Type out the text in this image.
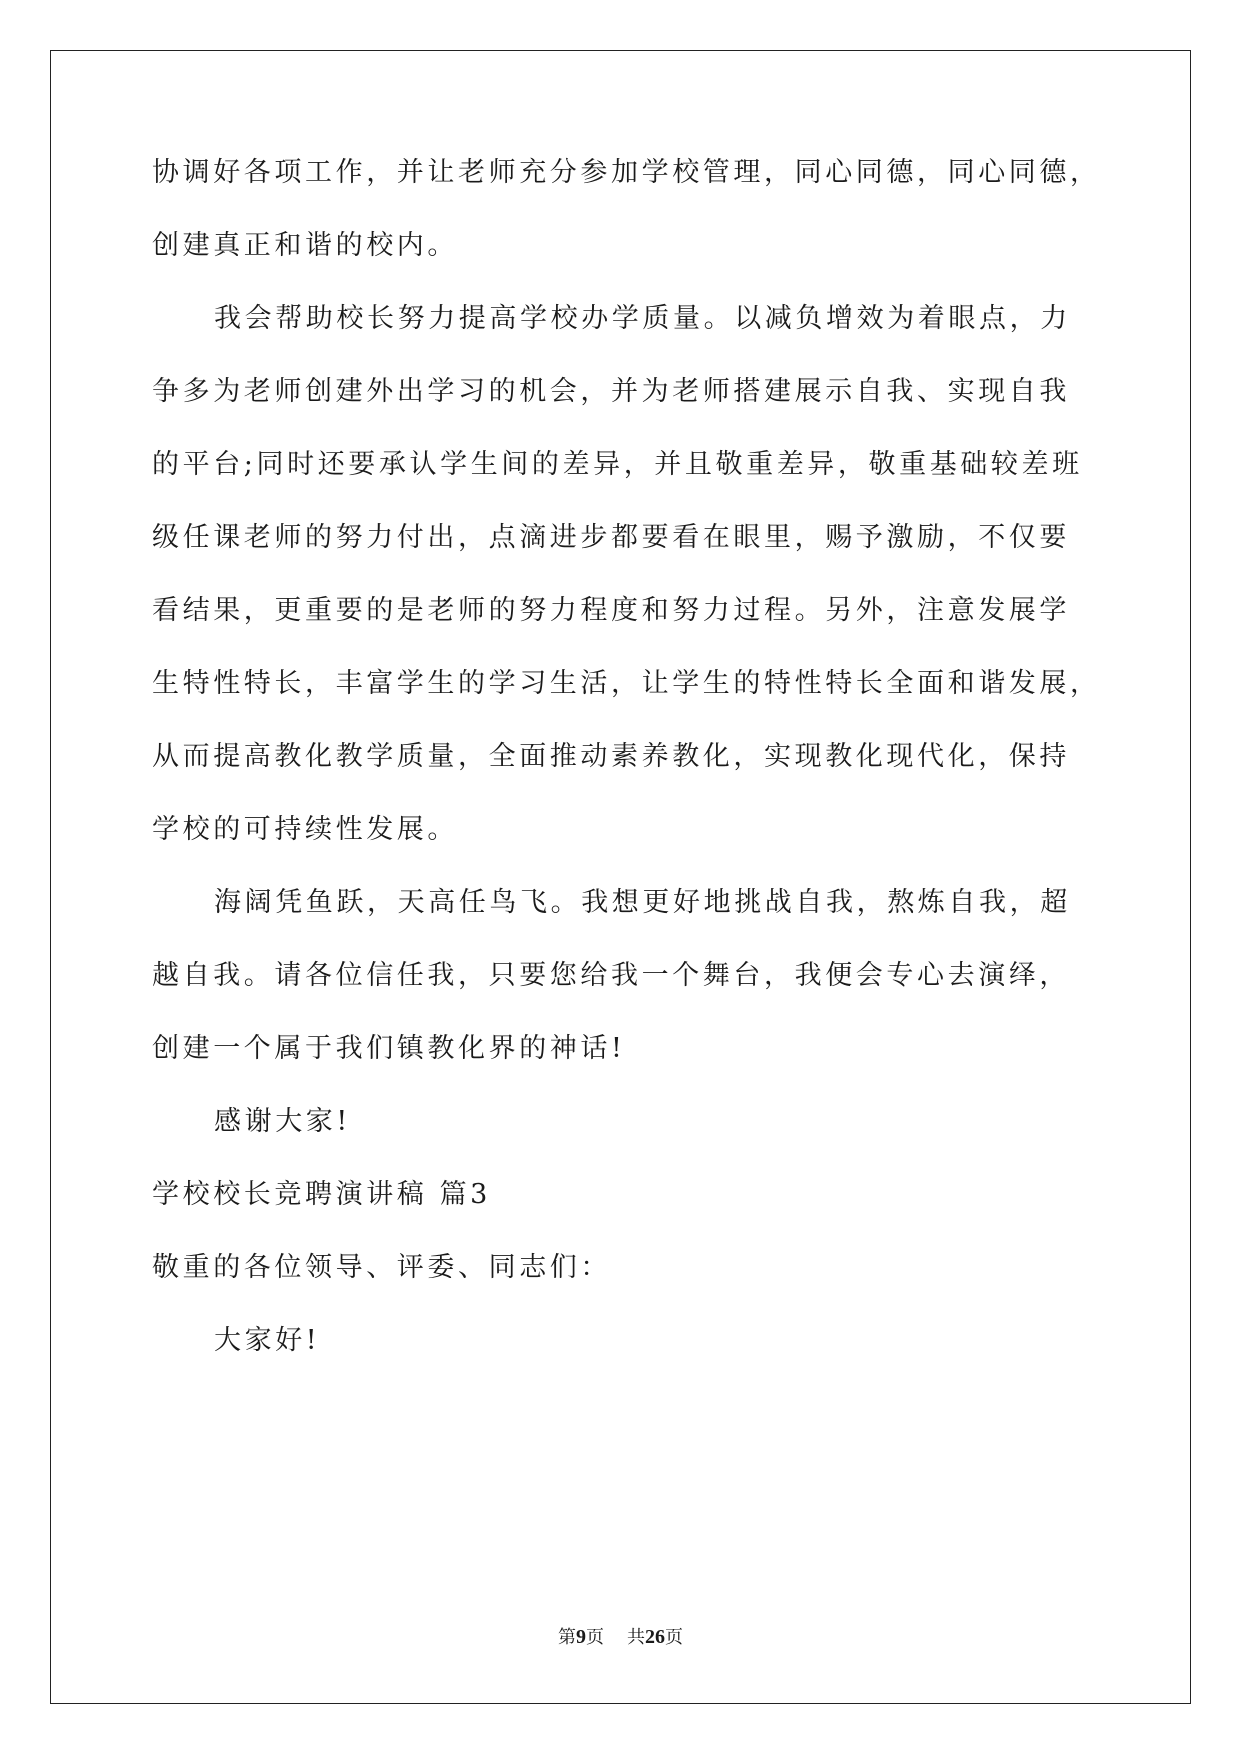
协调好各项工作，并让老师充分参加学校管理，同心同德，同心同德，
创建真正和谐的校内。
我会帮助校长努力提高学校办学质量。以减负增效为着眼点，力
争多为老师创建外出学习的机会，并为老师搭建展示自我、实现自我
的平台;同时还要承认学生间的差异，并且敬重差异，敬重基础较差班
级任课老师的努力付出，点滴进步都要看在眼里，赐予激励，不仅要
看结果，更重要的是老师的努力程度和努力过程。另外，注意发展学
生特性特长，丰富学生的学习生活，让学生的特性特长全面和谐发展，
从而提高教化教学质量，全面推动素养教化，实现教化现代化，保持
学校的可持续性发展。
海阔凭鱼跃，天高任鸟飞。我想更好地挑战自我，熬炼自我，超
越自我。请各位信任我，只要您给我一个舞台，我便会专心去演绎，
创建一个属于我们镇教化界的神话!
感谢大家!
学校校长竞聘演讲稿 篇3
敬重的各位领导、评委、同志们：
大家好!
第9页 共26页
